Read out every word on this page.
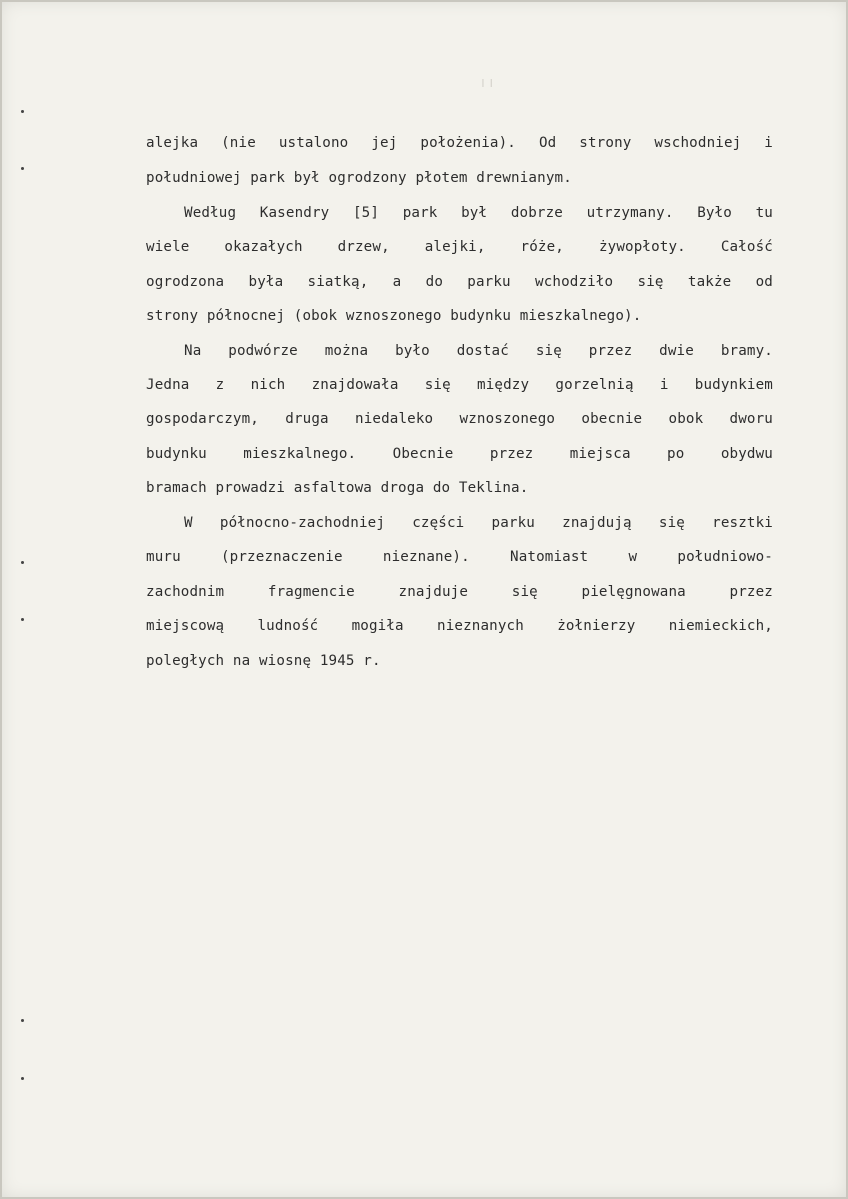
ı ı

alejka (nie ustalono jej położenia). Od strony wschodniej i

południowej park był ogrodzony płotem drewnianym.

Według Kasendry [5] park był dobrze utrzymany. Było tu

wiele okazałych drzew, alejki, róże, żywopłoty. Całość

ogrodzona była siatką, a do parku wchodziło się także od

strony północnej (obok wznoszonego budynku mieszkalnego).

Na podwórze można było dostać się przez dwie bramy.

Jedna z nich znajdowała się między gorzelnią i budynkiem

gospodarczym, druga niedaleko wznoszonego obecnie obok dworu

budynku mieszkalnego. Obecnie przez miejsca po obydwu

bramach prowadzi asfaltowa droga do Teklina.

W północno-zachodniej części parku znajdują się resztki

muru (przeznaczenie nieznane). Natomiast w południowo-

zachodnim fragmencie znajduje się pielęgnowana przez

miejscową ludność mogiła nieznanych żołnierzy niemieckich,

poległych na wiosnę 1945 r.
